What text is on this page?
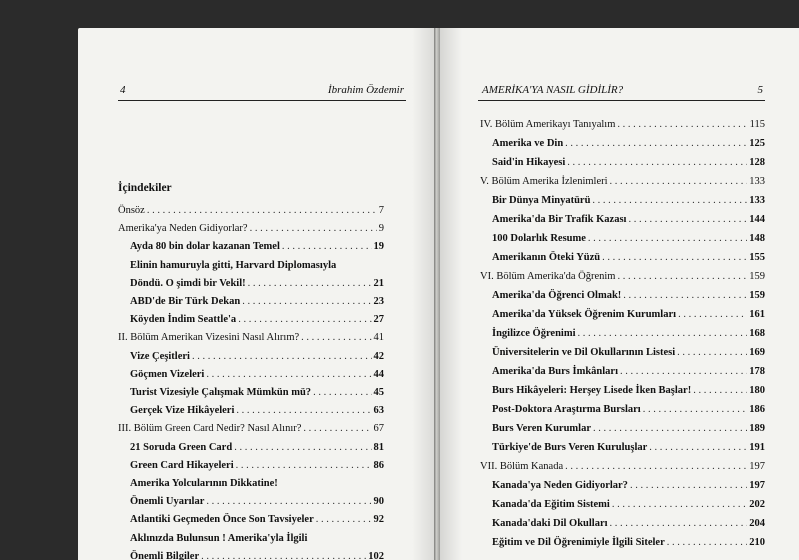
4	İbrahim Özdemir
İçindekiler
Önsöz . . .	7
Amerika'ya Neden Gidiyorlar? . . .	9
Ayda 80 bin dolar kazanan Temel . . .	19
Elinin hamuruyla gitti, Harvard Diplomasıyla
Döndü. O şimdi bir Vekil! . . .	21
ABD'de Bir Türk Dekan . . .	23
Köyden İndim Seattle'a . . .	27
II. Bölüm Amerikan Vizesini Nasıl Alırım? . . .	41
Vize Çeşitleri . . .	42
Göçmen Vizeleri . . .	44
Turist Vizesiyle Çalışmak Mümkün mü? . . .	45
Gerçek Vize Hikâyeleri . . .	63
III. Bölüm Green Card Nedir? Nasıl Alınır? . . .	67
21 Soruda Green Card . . .	81
Green Card Hikayeleri . . .	86
Amerika Yolcularının Dikkatine!
Önemli Uyarılar . . .	90
Atlantiki Geçmeden Önce Son Tavsiyeler . . .	92
Aklınızda Bulunsun ! Amerika'yla İlgili
Önemli Bilgiler . . .	102
AMERİKA'YA NASIL GİDİLİR?	5
IV. Bölüm Amerikayı Tanıyalım . . .	115
Amerika ve Din . . .	125
Said'in Hikayesi . . .	128
V. Bölüm Amerika İzlenimleri . . .	133
Bir Dünya Minyatürü . . .	133
Amerika'da Bir Trafik Kazası . . .	144
100 Dolarlık Resume . . .	148
Amerikanın Öteki Yüzü . . .	155
VI. Bölüm Amerika'da Öğrenim . . .	159
Amerika'da Öğrenci Olmak! . . .	159
Amerika'da Yüksek Öğrenim Kurumları . . .	161
İngilizce Öğrenimi . . .	168
Üniversitelerin ve Dil Okullarının Listesi . . .	169
Amerika'da Burs İmkânları . . .	178
Burs Hikâyeleri: Herşey Lisede İken Başlar! . . .	180
Post-Doktora Araştırma Bursları . . .	186
Burs Veren Kurumlar . . .	189
Türkiye'de Burs Veren Kuruluşlar . . .	191
VII. Bölüm Kanada . . .	197
Kanada'ya Neden Gidiyorlar? . . .	197
Kanada'da Eğitim Sistemi . . .	202
Kanada'daki Dil Okulları . . .	204
Eğitim ve Dil Öğrenimiyle İlgili Siteler . . .	210
